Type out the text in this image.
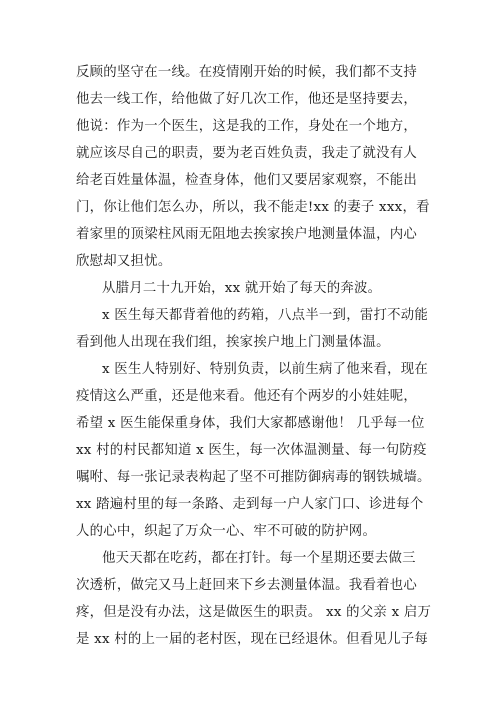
反顾的坚守在一线。在疫情刚开始的时候，我们都不支持
他去一线工作，给他做了好几次工作，他还是坚持要去，
他说：作为一个医生，这是我的工作，身处在一个地方，
就应该尽自己的职责，要为老百姓负责，我走了就没有人
给老百姓量体温，检查身体，他们又要居家观察，不能出
门，你让他们怎么办，所以，我不能走!xx 的妻子 xxx，看
着家里的顶梁柱风雨无阻地去挨家挨户地测量体温，内心
欣慰却又担忧。
从腊月二十九开始，xx 就开始了每天的奔波。
x 医生每天都背着他的药箱，八点半一到，雷打不动能
看到他人出现在我们组，挨家挨户地上门测量体温。
x 医生人特别好、特别负责，以前生病了他来看，现在
疫情这么严重，还是他来看。他还有个两岁的小娃娃呢，
希望 x 医生能保重身体，我们大家都感谢他！ 几乎每一位
xx 村的村民都知道 x 医生，每一次体温测量、每一句防疫
嘱咐、每一张记录表构起了坚不可摧防御病毒的钢铁城墙。
xx 踏遍村里的每一条路、走到每一户人家门口、诊进每个
人的心中，织起了万众一心、牢不可破的防护网。
他天天都在吃药，都在打针。每一个星期还要去做三
次透析，做完又马上赶回来下乡去测量体温。我看着也心
疼，但是没有办法，这是做医生的职责。 xx 的父亲 x 启万
是 xx 村的上一届的老村医，现在已经退休。但看见儿子每
